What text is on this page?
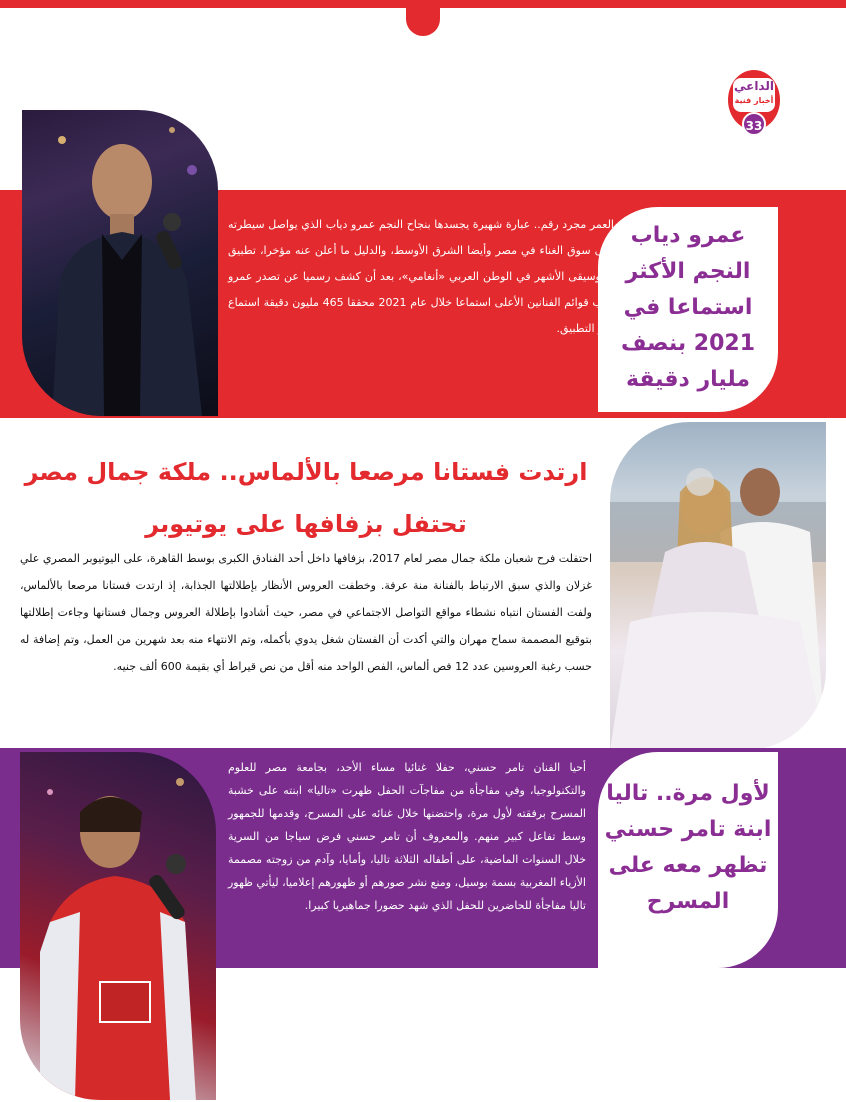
الداعي
أخبار فنية
33
عمرو دياب النجم الأكثر استماعا في 2021 بنصف مليار دقيقة
العمر مجرد رقم.. عبارة شهيرة يجسدها بنجاح النجم عمرو دياب الذي يواصل سيطرته على سوق الغناء في مصر وأيضا الشرق الأوسط، والدليل ما أعلن عنه مؤخرا، تطبيق الموسيقى الأشهر في الوطن العربي «أنغامي»، بعد أن كشف رسميا عن تصدر عمرو دياب قوائم الفنانين الأعلى استماعا خلال عام 2021 محققا 465 مليون دقيقة استماع عبر التطبيق.
ارتدت فستانا مرصعا بالألماس.. ملكة جمال مصر تحتفل بزفافها على يوتيوبر
احتفلت فرح شعبان ملكة جمال مصر لعام 2017، بزفافها داخل أحد الفنادق الكبرى بوسط القاهرة، على اليوتيوبر المصري علي غزلان والذي سبق الارتباط بالفنانة منة عرفة. وخطفت العروس الأنظار بإطلالتها الجذابة، إذ ارتدت فستانا مرصعا بالألماس، ولفت الفستان انتباه نشطاء مواقع التواصل الاجتماعي في مصر، حيث أشادوا بإطلالة العروس وجمال فستانها وجاءت إطلالتها بتوقيع المصممة سماح مهران والتي أكدت أن الفستان شغل يدوي بأكمله، وتم الانتهاء منه بعد شهرين من العمل، وتم إضافة له حسب رغبة العروسين عدد 12 فص ألماس، الفص الواحد منه أقل من نص قيراط أي بقيمة 600 ألف جنيه.
لأول مرة.. تاليا ابنة تامر حسني تظهر معه على المسرح
أحيا الفنان تامر حسني، حفلا غنائيا مساء الأحد، بجامعة مصر للعلوم والتكنولوجيا، وفي مفاجأة من مفاجآت الحفل ظهرت «تاليا» ابنته على خشبة المسرح برفقته لأول مرة، واحتضنها خلال غنائه على المسرح، وقدمها للجمهور وسط تفاعل كبير منهم. والمعروف أن تامر حسني فرض سياجا من السرية خلال السنوات الماضية، على أطفاله الثلاثة تاليا، وأمايا، وآدم من زوجته مصممة الأزياء المغربية بسمة بوسيل، ومنع نشر صورهم أو ظهورهم إعلاميا، ليأتي ظهور تاليا مفاجأة للحاضرين للحفل الذي شهد حضورا جماهيريا كبيرا.
